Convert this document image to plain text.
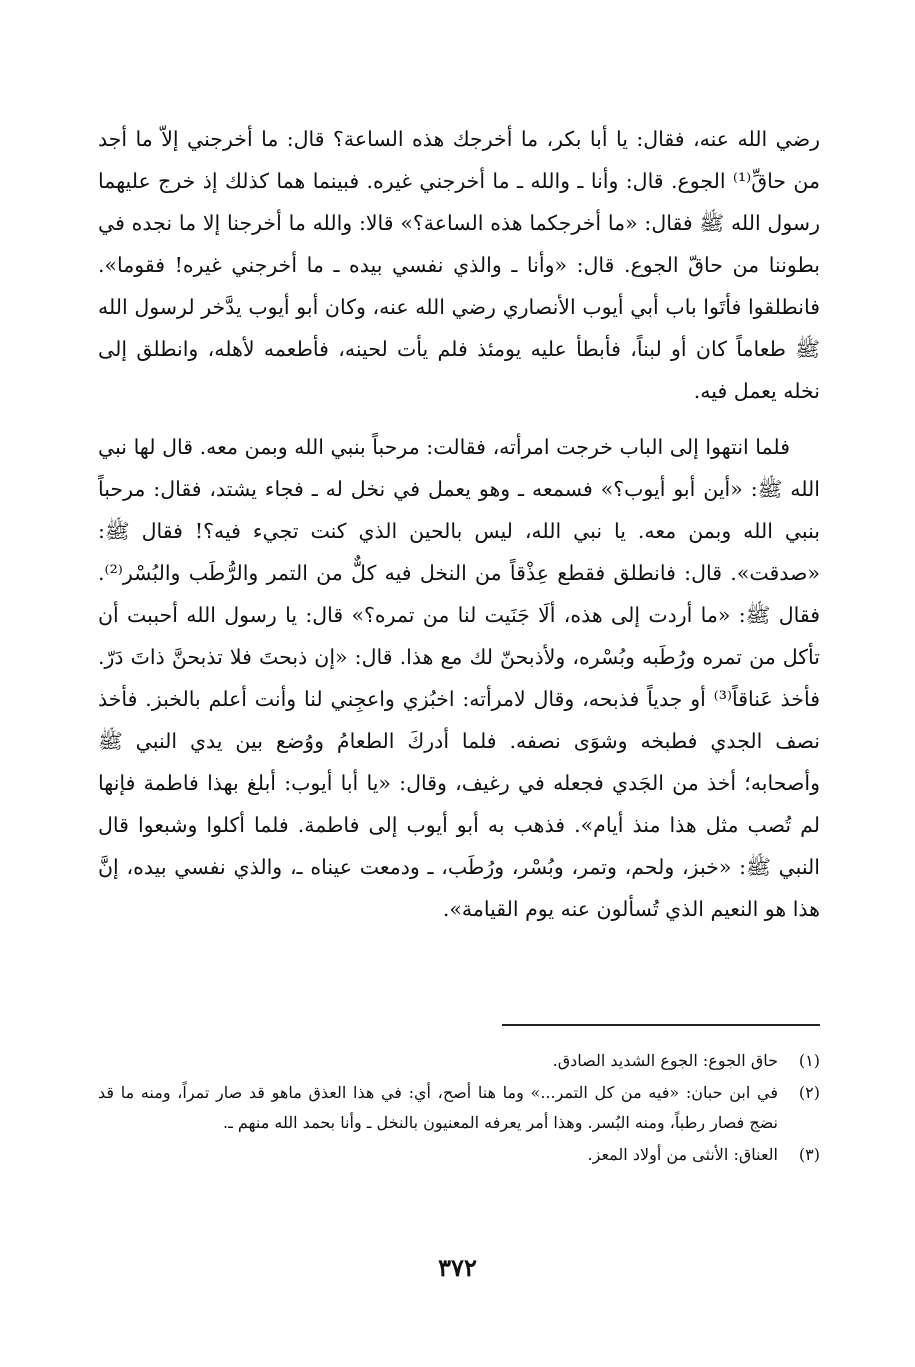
رضي الله عنه، فقال: يا أبا بكر، ما أخرجك هذه الساعة؟ قال: ما أخرجني إلاّ ما أجد من حاقِّ⁽¹⁾ الجوع. قال: وأنا ـ والله ـ ما أخرجني غيره. فبينما هما كذلك إذ خرج عليهما رسول الله ﷺ فقال: «ما أخرجكما هذه الساعة؟» قالا: والله ما أخرجنا إلا ما نجده في بطوننا من حاقّ الجوع. قال: «وأنا ـ والذي نفسي بيده ـ ما أخرجني غيره! فقوما». فانطلقوا فأتَوا باب أبي أيوب الأنصاري رضي الله عنه، وكان أبو أيوب يدَّخر لرسول الله ﷺ طعاماً كان أو لبناً، فأبطأ عليه يومئذ فلم يأت لحينه، فأطعمه لأهله، وانطلق إلى نخله يعمل فيه.

فلما انتهوا إلى الباب خرجت امرأته، فقالت: مرحباً بنبي الله وبمن معه. قال لها نبي الله ﷺ: «أين أبو أيوب؟» فسمعه ـ وهو يعمل في نخل له ـ فجاء يشتد، فقال: مرحباً بنبي الله وبمن معه. يا نبي الله، ليس بالحين الذي كنت تجيء فيه؟! فقال ﷺ: «صدقت». قال: فانطلق فقطع عِذْقاً من النخل فيه كلٌّ من التمر والرُّطَب والبُسْر⁽²⁾. فقال ﷺ: «ما أردت إلى هذه، ألَا جَنَيت لنا من تمره؟» قال: يا رسول الله أحببت أن تأكل من تمره ورُطَبه وبُسْره، ولأذبحنّ لك مع هذا. قال: «إن ذبحتَ فلا تذبحنَّ ذاتَ دَرّ. فأخذ عَناقاً⁽³⁾ أو جدياً فذبحه، وقال لامرأته: اخبُزي واعجِني لنا وأنت أعلم بالخبز. فأخذ نصف الجدي فطبخه وشوَى نصفه. فلما أدركَ الطعامُ ووُضع بين يدي النبي ﷺ وأصحابه؛ أخذ من الجَدي فجعله في رغيف، وقال: «يا أبا أيوب: أبلغ بهذا فاطمة فإنها لم تُصب مثل هذا منذ أيام». فذهب به أبو أيوب إلى فاطمة. فلما أكلوا وشبعوا قال النبي ﷺ: «خبز، ولحم، وتمر، وبُسْر، ورُطَب، ـ ودمعت عيناه ـ، والذي نفسي بيده، إنَّ هذا هو النعيم الذي تُسألون عنه يوم القيامة».

(١)
حاق الجوع: الجوع الشديد الصادق.
(٢)
في ابن حبان: «فيه من كل التمر...» وما هنا أصح، أي: في هذا العذق ماهو قد صار تمراً، ومنه ما قد نضج فصار رطباً، ومنه البُسر. وهذا أمر يعرفه المعنيون بالنخل ـ وأنا بحمد الله منهم ـ.
(٣)
العناق: الأنثى من أولاد المعز.
٣٧٢
